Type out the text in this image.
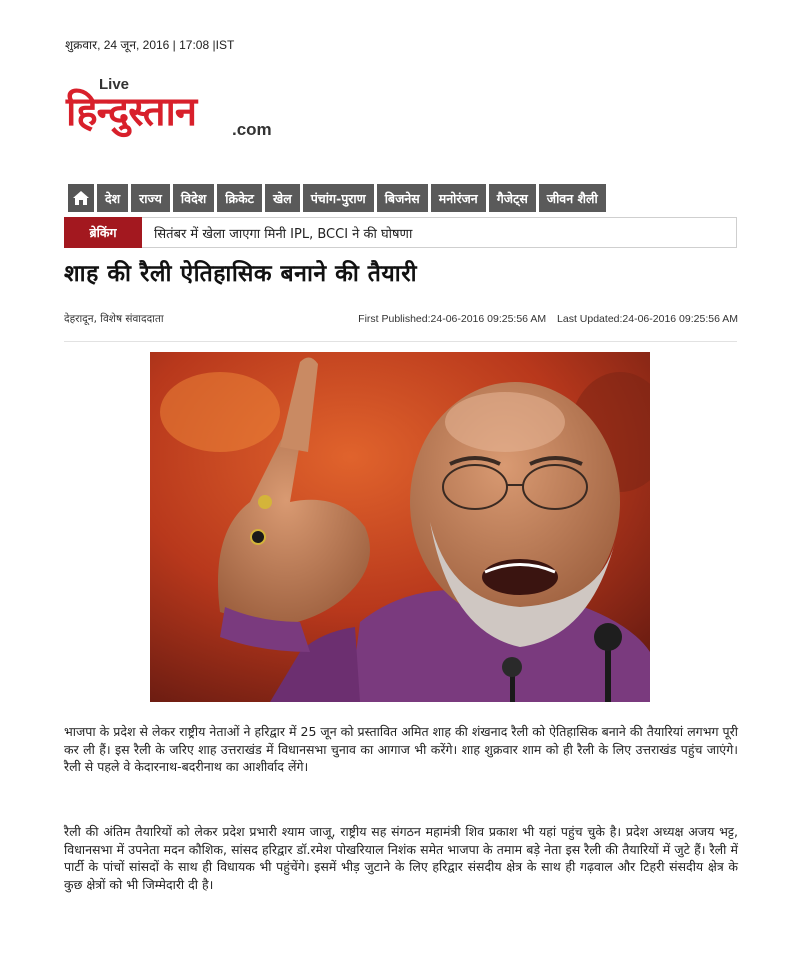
शुक्रवार, 24 जून, 2016 | 17:08 |IST
Live
हिन्दुस्तान .com
देश	राज्य	विदेश	क्रिकेट	खेल	पंचांग-पुराण	बिजनेस	मनोरंजन	गैजेट्स	जीवन शैली
ब्रेकिंग	सितंबर में खेला जाएगा मिनी IPL, BCCI ने की घोषणा
शाह की रैली ऐतिहासिक बनाने की तैयारी
देहरादून, विशेष संवाददाता	First Published:24-06-2016 09:25:56 AM Last Updated:24-06-2016 09:25:56 AM

भाजपा के प्रदेश से लेकर राष्ट्रीय नेताओं ने हरिद्वार में 25 जून को प्रस्तावित अमित शाह की शंखनाद रैली को ऐतिहासिक बनाने की तैयारियां लगभग पूरी कर ली हैं। इस रैली के जरिए शाह उत्तराखंड में विधानसभा चुनाव का आगाज भी करेंगे। शाह शुक्रवार शाम को ही रैली के लिए उत्तराखंड पहुंच जाएंगे। रैली से पहले वे केदारनाथ-बदरीनाथ का आशीर्वाद लेंगे।

रैली की अंतिम तैयारियों को लेकर प्रदेश प्रभारी श्याम जाजू, राष्ट्रीय सह संगठन महामंत्री शिव प्रकाश भी यहां पहुंच चुके है। प्रदेश अध्यक्ष अजय भट्ट, विधानसभा में उपनेता मदन कौशिक, सांसद हरिद्वार डॉ.रमेश पोखरियाल निशंक समेत भाजपा के तमाम बड़े नेता इस रैली की तैयारियों में जुटे हैं। रैली में पार्टी के पांचों सांसदों के साथ ही विधायक भी पहुंचेंगे। इसमें भीड़ जुटाने के लिए हरिद्वार संसदीय क्षेत्र के साथ ही गढ़वाल और टिहरी संसदीय क्षेत्र के कुछ क्षेत्रों को भी जिम्मेदारी दी है।
